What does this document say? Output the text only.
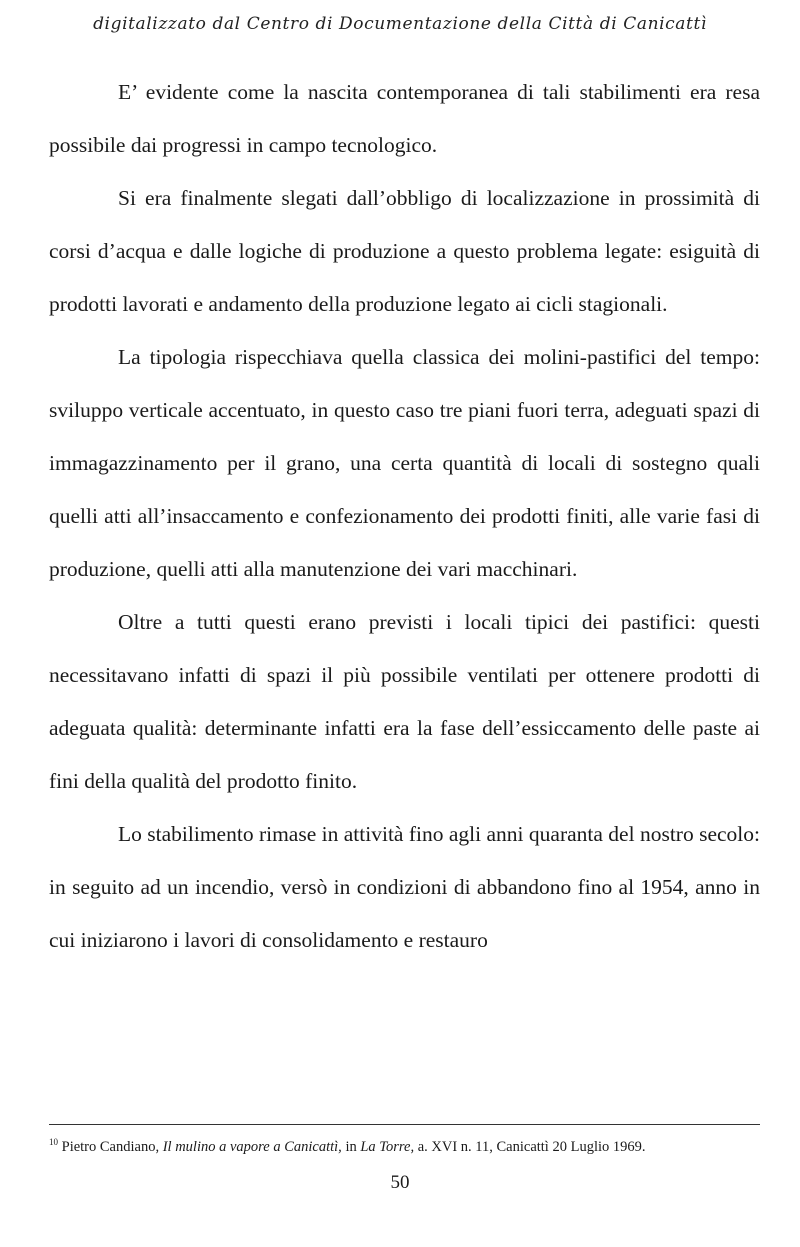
digitalizzato dal Centro di Documentazione della Città di Canicattì

E’ evidente come la nascita contemporanea di tali stabilimenti era resa possibile dai progressi in campo tecnologico.

Si era finalmente slegati dall’obbligo di localizzazione in prossimità di corsi d’acqua e dalle logiche di produzione a questo problema legate: esiguità di prodotti lavorati e andamento della produzione legato ai cicli stagionali.

La tipologia rispecchiava quella classica dei molini-pastifici del tempo: sviluppo verticale accentuato, in questo caso tre piani fuori terra, adeguati spazi di immagazzinamento per il grano, una certa quantità di locali di sostegno quali quelli atti all’insaccamento e confezionamento dei prodotti finiti, alle varie fasi di produzione, quelli atti alla manutenzione dei vari macchinari.

Oltre a tutti questi erano previsti i locali tipici dei pastifici: questi necessitavano infatti di spazi il più possibile ventilati per ottenere prodotti di adeguata qualità: determinante infatti era la fase dell’essiccamento delle paste ai fini della qualità del prodotto finito.

Lo stabilimento rimase in attività fino agli anni quaranta del nostro secolo: in seguito ad un incendio, versò in condizioni di abbandono fino al 1954, anno in cui iniziarono i lavori di consolidamento e restauro

$^{10}$ Pietro Candiano, Il mulino a vapore a Canicattì, in La Torre, a. XVI n. 11, Canicattì 20 Luglio 1969.
50
